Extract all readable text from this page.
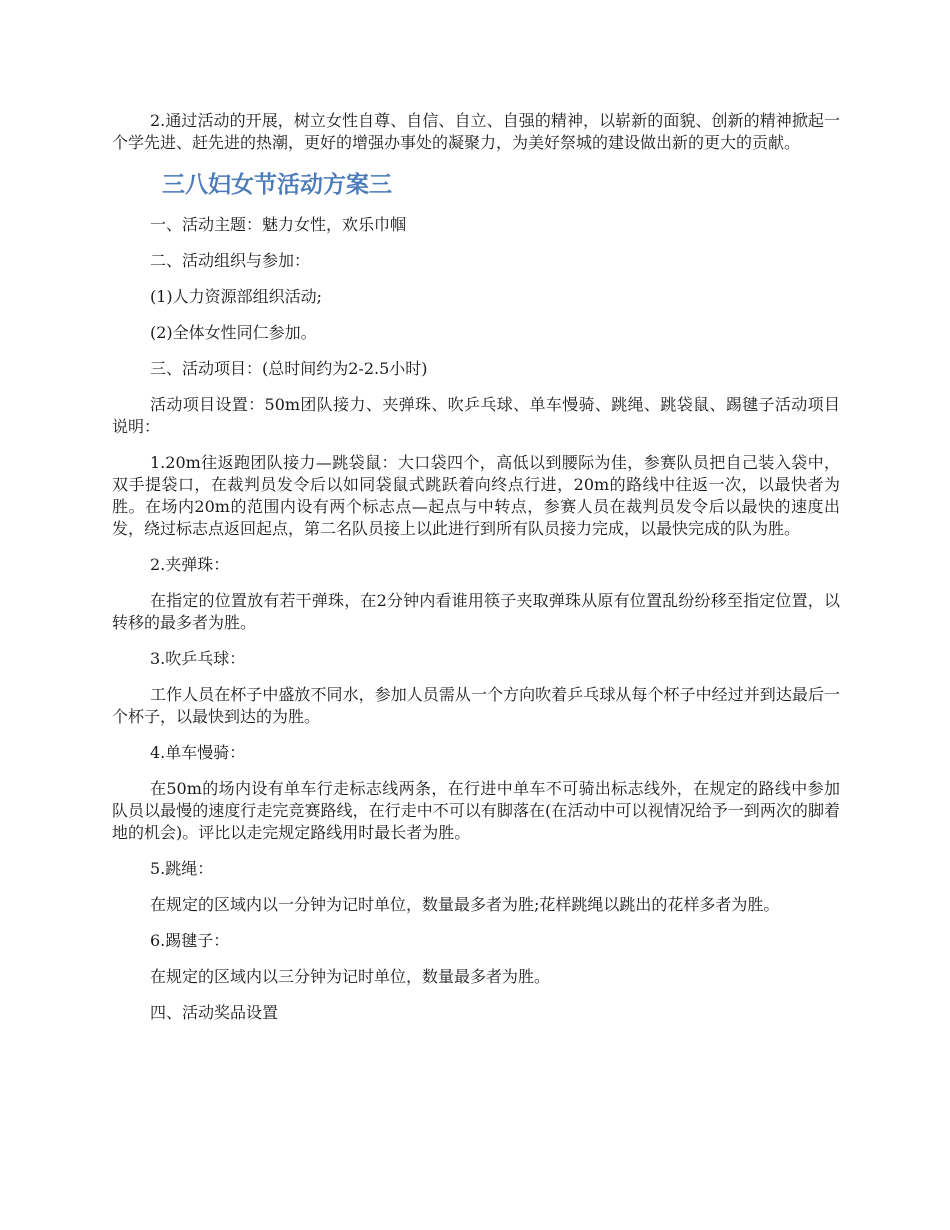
2.通过活动的开展，树立女性自尊、自信、自立、自强的精神，以崭新的面貌、创新的精神掀起一个学先进、赶先进的热潮，更好的增强办事处的凝聚力，为美好祭城的建设做出新的更大的贡献。

三八妇女节活动方案三

一、活动主题：魅力女性，欢乐巾帼

二、活动组织与参加：

(1)人力资源部组织活动;

(2)全体女性同仁参加。

三、活动项目：(总时间约为2-2.5小时)

活动项目设置：50m团队接力、夹弹珠、吹乒乓球、单车慢骑、跳绳、跳袋鼠、踢毽子活动项目说明：

1.20m往返跑团队接力—跳袋鼠：大口袋四个，高低以到腰际为佳，参赛队员把自己装入袋中，双手提袋口，在裁判员发令后以如同袋鼠式跳跃着向终点行进，20m的路线中往返一次，以最快者为胜。在场内20m的范围内设有两个标志点—起点与中转点，参赛人员在裁判员发令后以最快的速度出发，绕过标志点返回起点，第二名队员接上以此进行到所有队员接力完成，以最快完成的队为胜。

2.夹弹珠：

在指定的位置放有若干弹珠，在2分钟内看谁用筷子夹取弹珠从原有位置乱纷纷移至指定位置，以转移的最多者为胜。

3.吹乒乓球：

工作人员在杯子中盛放不同水，参加人员需从一个方向吹着乒乓球从每个杯子中经过并到达最后一个杯子，以最快到达的为胜。

4.单车慢骑：

在50m的场内设有单车行走标志线两条，在行进中单车不可骑出标志线外，在规定的路线中参加队员以最慢的速度行走完竞赛路线，在行走中不可以有脚落在(在活动中可以视情况给予一到两次的脚着地的机会)。评比以走完规定路线用时最长者为胜。

5.跳绳：

在规定的区域内以一分钟为记时单位，数量最多者为胜;花样跳绳以跳出的花样多者为胜。

6.踢毽子：

在规定的区域内以三分钟为记时单位，数量最多者为胜。

四、活动奖品设置
